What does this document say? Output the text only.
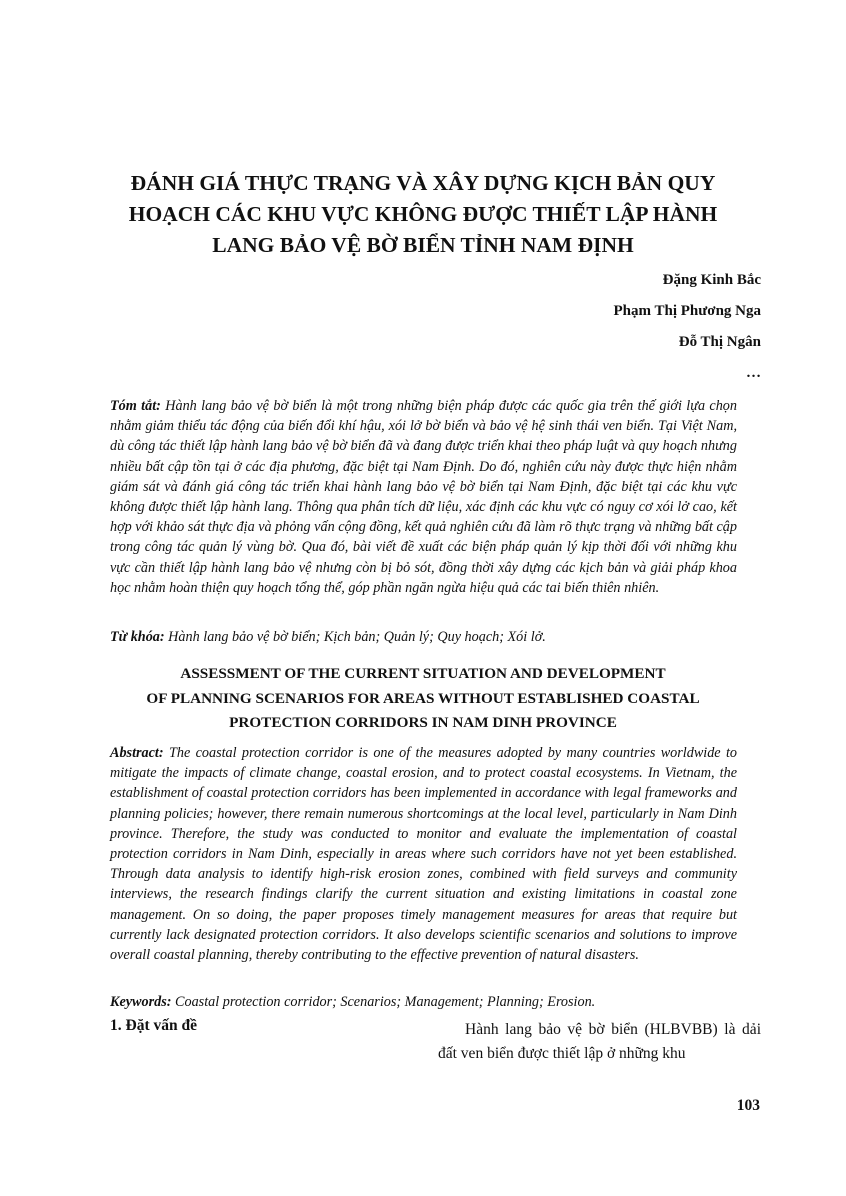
ĐÁNH GIÁ THỰC TRẠNG VÀ XÂY DỰNG KỊCH BẢN QUY
HOẠCH CÁC KHU VỰC KHÔNG ĐƯỢC THIẾT LẬP HÀNH
LANG BẢO VỆ BỜ BIỂN TỈNH NAM ĐỊNH
Đặng Kinh Bắc
Phạm Thị Phương Nga
Đỗ Thị Ngân
…
Tóm tắt: Hành lang bảo vệ bờ biển là một trong những biện pháp được các quốc gia trên thế giới lựa chọn nhằm giảm thiểu tác động của biến đổi khí hậu, xói lở bờ biển và bảo vệ hệ sinh thái ven biển. Tại Việt Nam, dù công tác thiết lập hành lang bảo vệ bờ biển đã và đang được triển khai theo pháp luật và quy hoạch nhưng nhiều bất cập tồn tại ở các địa phương, đặc biệt tại Nam Định. Do đó, nghiên cứu này được thực hiện nhằm giám sát và đánh giá công tác triển khai hành lang bảo vệ bờ biển tại Nam Định, đặc biệt tại các khu vực không được thiết lập hành lang. Thông qua phân tích dữ liệu, xác định các khu vực có nguy cơ xói lở cao, kết hợp với khảo sát thực địa và phỏng vấn cộng đồng, kết quả nghiên cứu đã làm rõ thực trạng và những bất cập trong công tác quản lý vùng bờ. Qua đó, bài viết đề xuất các biện pháp quản lý kịp thời đối với những khu vực cần thiết lập hành lang bảo vệ nhưng còn bị bỏ sót, đồng thời xây dựng các kịch bản và giải pháp khoa học nhằm hoàn thiện quy hoạch tổng thể, góp phần ngăn ngừa hiệu quả các tai biến thiên nhiên.
Từ khóa: Hành lang bảo vệ bờ biển; Kịch bản; Quản lý; Quy hoạch; Xói lở.
ASSESSMENT OF THE CURRENT SITUATION AND DEVELOPMENT
OF PLANNING SCENARIOS FOR AREAS WITHOUT ESTABLISHED COASTAL
PROTECTION CORRIDORS IN NAM DINH PROVINCE
Abstract: The coastal protection corridor is one of the measures adopted by many countries worldwide to mitigate the impacts of climate change, coastal erosion, and to protect coastal ecosystems. In Vietnam, the establishment of coastal protection corridors has been implemented in accordance with legal frameworks and planning policies; however, there remain numerous shortcomings at the local level, particularly in Nam Dinh province. Therefore, the study was conducted to monitor and evaluate the implementation of coastal protection corridors in Nam Dinh, especially in areas where such corridors have not yet been established. Through data analysis to identify high-risk erosion zones, combined with field surveys and community interviews, the research findings clarify the current situation and existing limitations in coastal zone management. On so doing, the paper proposes timely management measures for areas that require but currently lack designated protection corridors. It also develops scientific scenarios and solutions to improve overall coastal planning, thereby contributing to the effective prevention of natural disasters.
Keywords: Coastal protection corridor; Scenarios; Management; Planning; Erosion.
1. Đặt vấn đề	Hành lang bảo vệ bờ biển (HLBVBB) là dải đất ven biển được thiết lập ở những khu
103
